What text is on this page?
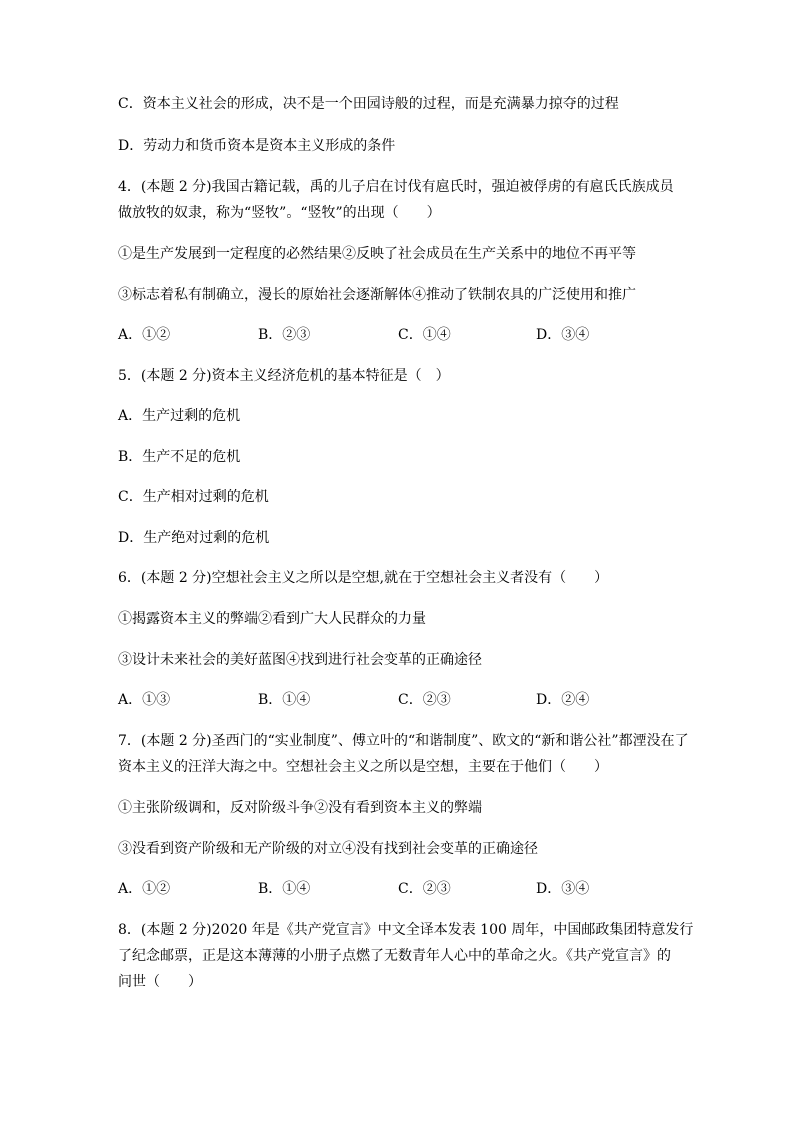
C．资本主义社会的形成，决不是一个田园诗般的过程，而是充满暴力掠夺的过程
D．劳动力和货币资本是资本主义形成的条件
4．(本题 2 分)我国古籍记载，禹的儿子启在讨伐有扈氏时，强迫被俘虏的有扈氏氏族成员
做放牧的奴隶，称为“竖牧”。“竖牧”的出现（　　）
①是生产发展到一定程度的必然结果②反映了社会成员在生产关系中的地位不再平等
③标志着私有制确立，漫长的原始社会逐渐解体④推动了铁制农具的广泛使用和推广
A．①②	B．②③	C．①④	D．③④
5．(本题 2 分)资本主义经济危机的基本特征是（　）
A．生产过剩的危机
B．生产不足的危机
C．生产相对过剩的危机
D．生产绝对过剩的危机
6．(本题 2 分)空想社会主义之所以是空想,就在于空想社会主义者没有（　　）
①揭露资本主义的弊端②看到广大人民群众的力量
③设计未来社会的美好蓝图④找到进行社会变革的正确途径
A．①③	B．①④	C．②③	D．②④
7．(本题 2 分)圣西门的“实业制度”、傅立叶的“和谐制度”、欧文的“新和谐公社”都湮没在了
资本主义的汪洋大海之中。空想社会主义之所以是空想，主要在于他们（　　）
①主张阶级调和，反对阶级斗争②没有看到资本主义的弊端
③没看到资产阶级和无产阶级的对立④没有找到社会变革的正确途径
A．①②	B．①④	C．②③	D．③④
8．(本题 2 分)2020 年是《共产党宣言》中文全译本发表 100 周年，中国邮政集团特意发行
了纪念邮票，正是这本薄薄的小册子点燃了无数青年人心中的革命之火。《共产党宣言》的
问世（　　）
